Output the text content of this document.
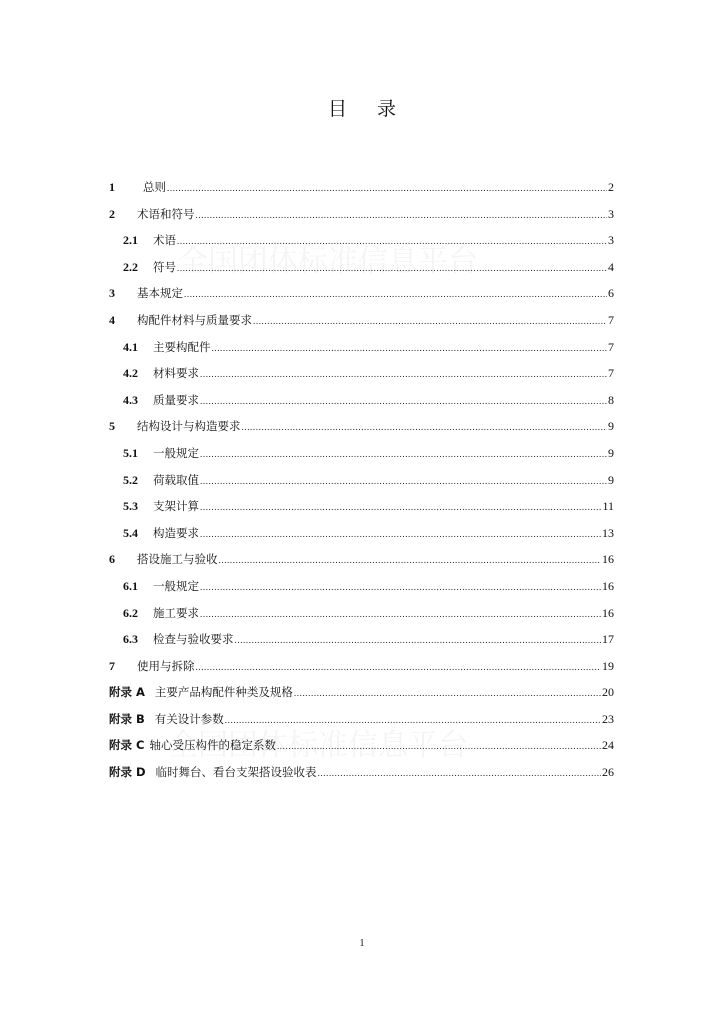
目 录
1	总则 .....	2
2	术语和符号 .....	3
2.1	术语 .....	3
2.2	符号 .....	4
3	基本规定 .....	6
4	构配件材料与质量要求 .....	7
4.1	主要构配件 .....	7
4.2	材料要求 .....	7
4.3	质量要求 .....	8
5	结构设计与构造要求 .....	9
5.1	一般规定 .....	9
5.2	荷载取值 .....	9
5.3	支架计算 .....	11
5.4	构造要求 .....	13
6	搭设施工与验收 .....	16
6.1	一般规定 .....	16
6.2	施工要求 .....	16
6.3	检查与验收要求 .....	17
7	使用与拆除 .....	19
附录 A 主要产品构配件种类及规格 .....	20
附录 B 有关设计参数 .....	23
附录 C 轴心受压构件的稳定系数 .....	24
附录 D 临时舞台、看台支架搭设验收表 .....	26
1
